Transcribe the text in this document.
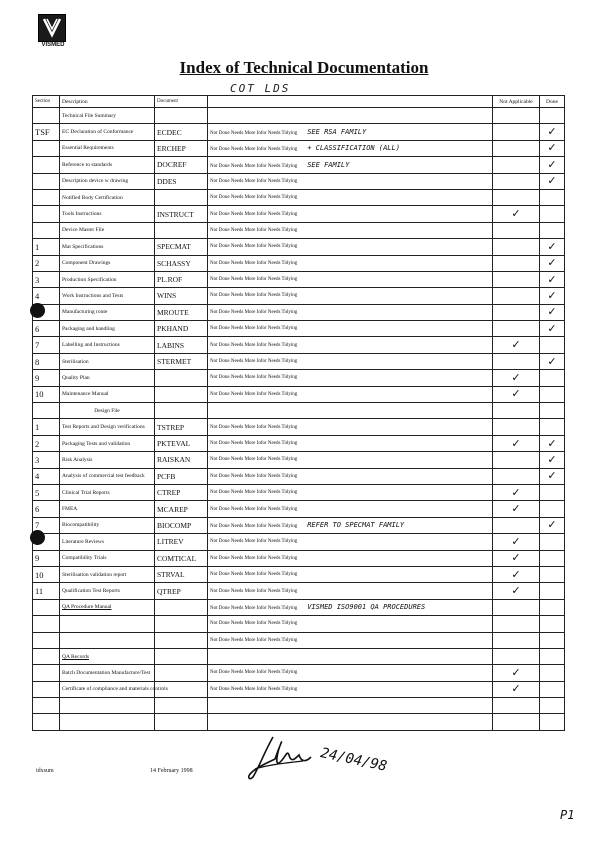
VISMED
Index of Technical Documentation
COT LDS
Section	Description	Document		Not Applicable	Done
	Technical File Summary				
TSF	EC Declaration of Conformance	ECDEC	Not Done Needs More Infor Needs Tidying SEE RSA FAMILY		✓
	Essential Requirements	ERCHEP	Not Done Needs More Infor Needs Tidying + CLASSIFICATION (ALL)		✓
	Reference to standards	DOCREF	Not Done Needs More Infor Needs Tidying SEE FAMILY		✓
	Description device w drawing	DDES	Not Done Needs More Infor Needs Tidying		✓
	Notified Body Certification		Not Done Needs More Infor Needs Tidying		
	Tools Instructions	INSTRUCT	Not Done Needs More Infor Needs Tidying	✓	
	Device Master File		Not Done Needs More Infor Needs Tidying		
1	Mat Specifications	SPECMAT	Not Done Needs More Infor Needs Tidying		✓
2	Component Drawings	SCHASSY	Not Done Needs More Infor Needs Tidying		✓
3	Production Specification	PL.ROF	Not Done Needs More Infor Needs Tidying		✓
4	Work Instructions and Tests	WINS	Not Done Needs More Infor Needs Tidying		✓
	Manufacturing route	MROUTE	Not Done Needs More Infor Needs Tidying		✓
6	Packaging and handling	PKHAND	Not Done Needs More Infor Needs Tidying		✓
7	Labelling and Instructions	LABINS	Not Done Needs More Infor Needs Tidying	✓	
8	Sterilisation	STERMET	Not Done Needs More Infor Needs Tidying		✓
9	Quality Plan		Not Done Needs More Infor Needs Tidying	✓	
10	Maintenance Manual		Not Done Needs More Infor Needs Tidying	✓	
	Design File				
1	Test Reports and Design verifications	TSTREP	Not Done Needs More Infor Needs Tidying		
2	Packaging Tests and validation	PKTEVAL	Not Done Needs More Infor Needs Tidying	✓	✓
3	Risk Analysis	RAISKAN	Not Done Needs More Infor Needs Tidying		✓
4	Analysis of commercial test feedback	PCFB	Not Done Needs More Infor Needs Tidying		✓
5	Clinical Trial Reports	CTREP	Not Done Needs More Infor Needs Tidying	✓	
6	FMEA	MCAREP	Not Done Needs More Infor Needs Tidying	✓	
7	Biocompatibility	BIOCOMP	Not Done Needs More Infor Needs Tidying REFER TO SPECMAT FAMILY		✓
	Literature Reviews	LITREV	Not Done Needs More Infor Needs Tidying	✓	
9	Compatibility Trials	COMTICAL	Not Done Needs More Infor Needs Tidying	✓	
10	Sterilisation validation report	STRVAL	Not Done Needs More Infor Needs Tidying	✓	
11	Qualification Test Reports	QTREP	Not Done Needs More Infor Needs Tidying	✓	
	QA Procedure Manual		Not Done Needs More Infor Needs Tidying VISMED ISO9001 QA PROCEDURES		
			Not Done Needs More Infor Needs Tidying		
			Not Done Needs More Infor Needs Tidying		
	QA Records				
	Batch Documentation Manufacture/Test		Not Done Needs More Infor Needs Tidying	✓	
	Certificate of compliance and materials controls		Not Done Needs More Infor Needs Tidying	✓	

idxsum	14 February 1998	24/04/98
P1
